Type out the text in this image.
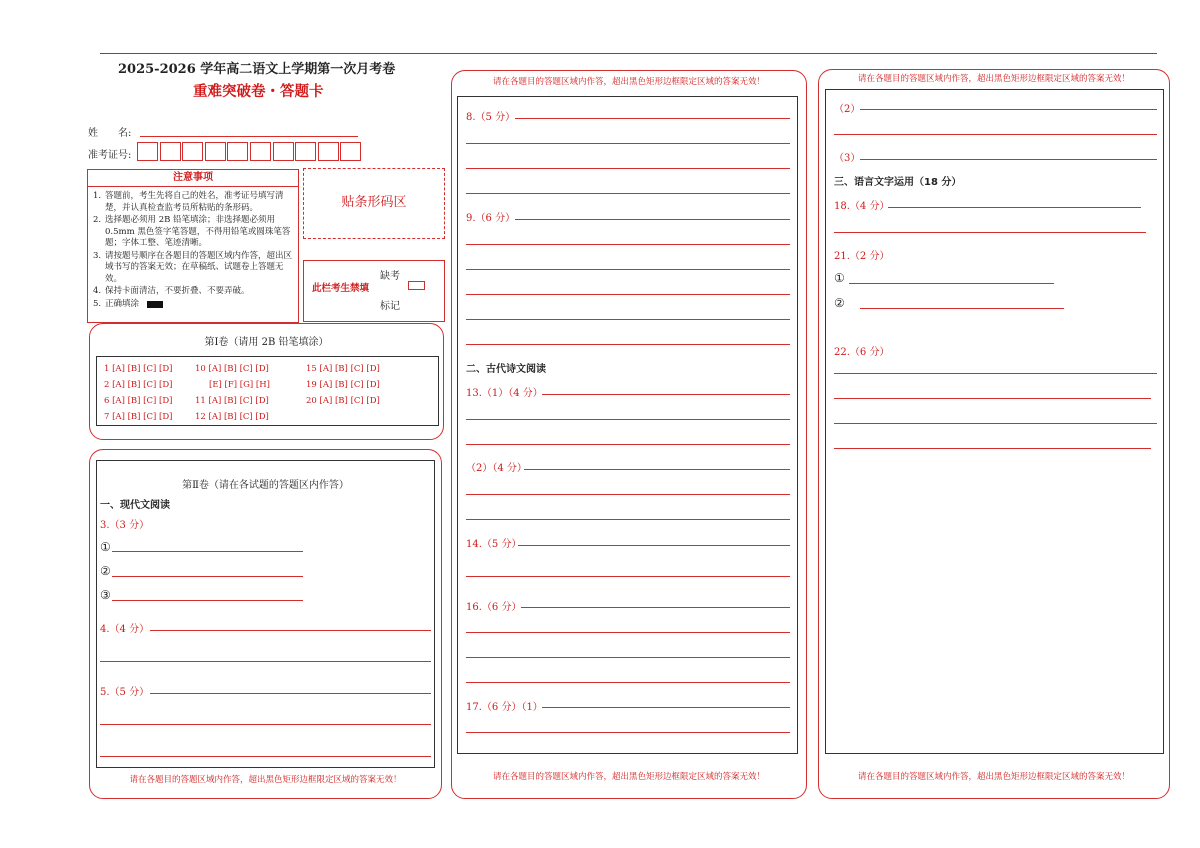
2025-2026 学年高二语文上学期第一次月考卷
重难突破卷・答题卡
姓　　名:
准考证号:
注意事项
1. 答题前，考生先将自己的姓名，准考证号填写清楚，并认真检查监考员所粘贴的条形码。
2. 选择题必须用 2B 铅笔填涂；非选择题必须用 0.5mm 黑色签字笔答题，不得用铅笔或圆珠笔答题；字体工整、笔迹清晰。
3. 请按题号顺序在各题目的答题区域内作答，超出区域书写的答案无效；在草稿纸、试题卷上答题无效。
4. 保持卡面清洁，不要折叠、不要弄破。
5. 正确填涂
贴条形码区
此栏考生禁填
缺考
标记
第Ⅰ卷（请用 2B 铅笔填涂）
1 [A] [B] [C] [D]
2 [A] [B] [C] [D]
6 [A] [B] [C] [D]
7 [A] [B] [C] [D]
10 [A] [B] [C] [D]
[E] [F] [G] [H]
11 [A] [B] [C] [D]
12 [A] [B] [C] [D]
15 [A] [B] [C] [D]
19 [A] [B] [C] [D]
20 [A] [B] [C] [D]
第Ⅱ卷（请在各试题的答题区内作答）
一、现代文阅读
3.（3 分）
①
②
③
4.（4 分）
5.（5 分）
请在各题目的答题区域内作答，超出黑色矩形边框限定区域的答案无效！
请在各题目的答题区域内作答，超出黑色矩形边框限定区域的答案无效！
8.（5 分）
9.（6 分）
二、古代诗文阅读
13.（1）（4 分）
（2）（4 分）
14.（5 分）
16.（6 分）
17.（6 分）（1）
请在各题目的答题区域内作答，超出黑色矩形边框限定区域的答案无效！
请在各题目的答题区域内作答，超出黑色矩形边框限定区域的答案无效！
（2）
（3）
三、语言文字运用（18 分）
18.（4 分）
21.（2 分）
①
②
22.（6 分）
请在各题目的答题区域内作答，超出黑色矩形边框限定区域的答案无效！
